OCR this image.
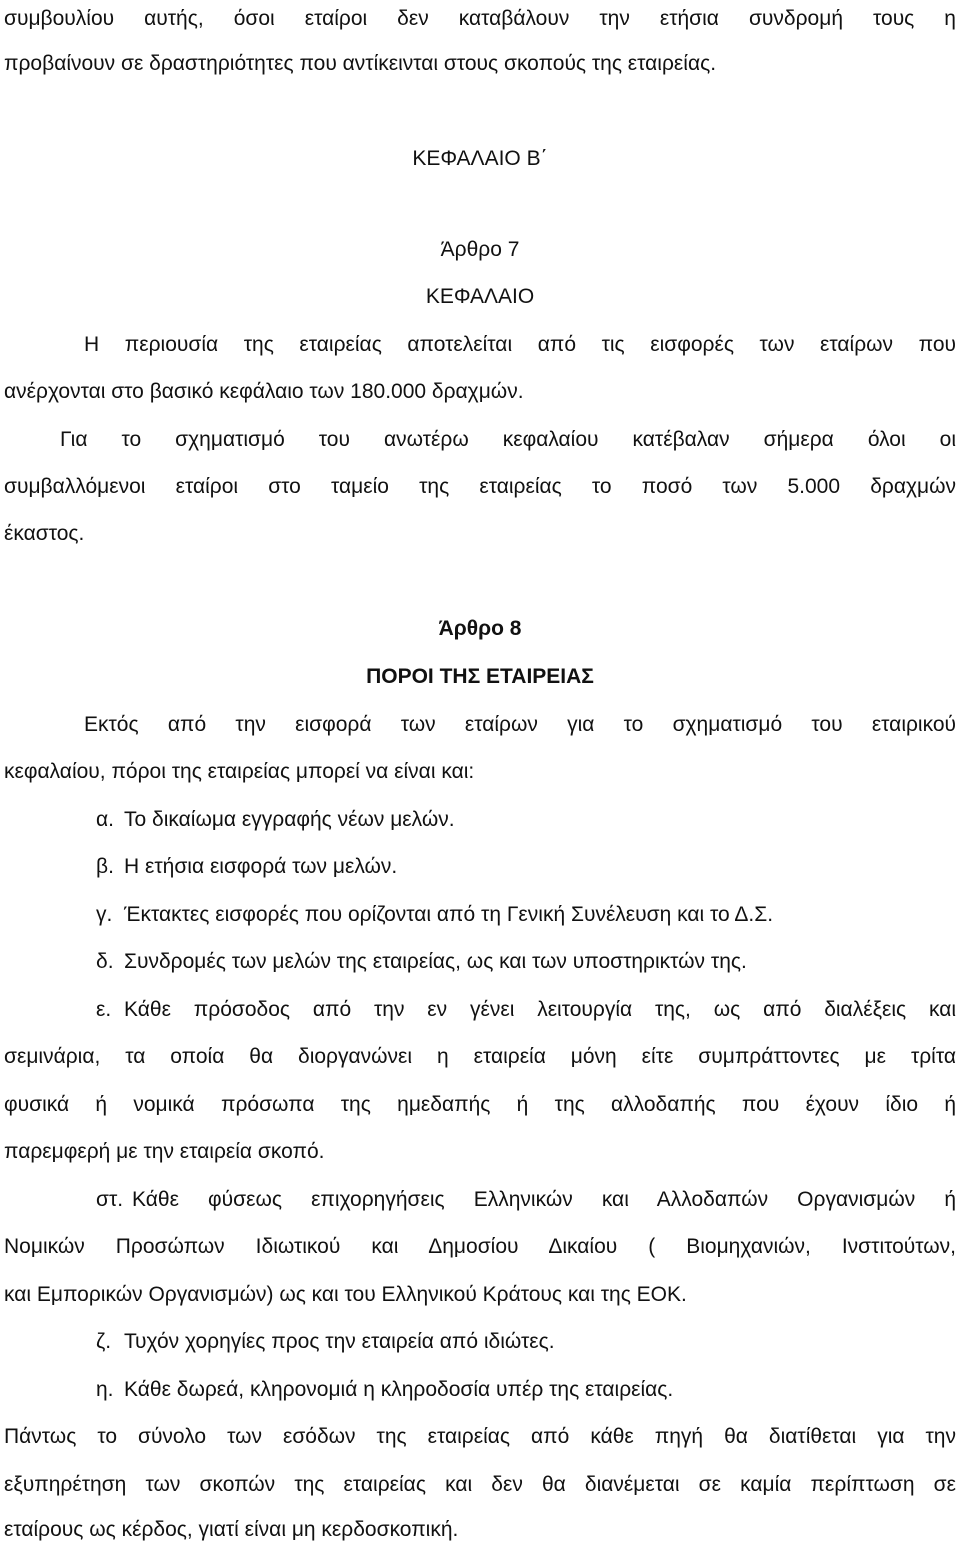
συμβουλίου αυτής, όσοι εταίροι δεν καταβάλουν την ετήσια συνδρομή τους η
προβαίνουν σε δραστηριότητες που αντίκεινται στους σκοπούς της εταιρείας.
ΚΕΦΑΛΑΙΟ Β΄
Άρθρο 7
ΚΕΦΑΛΑΙΟ
Η περιουσία της εταιρείας αποτελείται από τις εισφορές των εταίρων που
ανέρχονται στο βασικό κεφάλαιο των 180.000 δραχμών.
Για το σχηματισμό του ανωτέρω κεφαλαίου κατέβαλαν σήμερα όλοι οι
συμβαλλόμενοι εταίροι στο ταμείο της εταιρείας το ποσό των 5.000 δραχμών
έκαστος.
Άρθρο 8
ΠΟΡΟΙ ΤΗΣ ΕΤΑΙΡΕΙΑΣ
Εκτός από την εισφορά των εταίρων για το σχηματισμό του εταιρικού
κεφαλαίου, πόροι της εταιρείας μπορεί να είναι και:
α. Το δικαίωμα εγγραφής νέων μελών.
β. Η ετήσια εισφορά των μελών.
γ. Έκτακτες εισφορές που ορίζονται από τη Γενική Συνέλευση και το Δ.Σ.
δ. Συνδρομές των μελών της εταιρείας, ως και των υποστηρικτών της.
ε. Κάθε πρόσοδος από την εν γένει λειτουργία της, ως από διαλέξεις και
σεμινάρια, τα οποία θα διοργανώνει η εταιρεία μόνη είτε συμπράττοντες με τρίτα
φυσικά ή νομικά πρόσωπα της ημεδαπής ή της αλλοδαπής που έχουν ίδιο ή
παρεμφερή με την εταιρεία σκοπό.
στ. Κάθε φύσεως επιχορηγήσεις Ελληνικών και Αλλοδαπών Οργανισμών ή
Νομικών Προσώπων Ιδιωτικού και Δημοσίου Δικαίου ( Βιομηχανιών, Ινστιτούτων,
και Εμπορικών Οργανισμών) ως και του Ελληνικού Κράτους και της ΕΟΚ.
ζ. Τυχόν χορηγίες προς την εταιρεία από ιδιώτες.
η. Κάθε δωρεά, κληρονομιά η κληροδοσία υπέρ της εταιρείας.
Πάντως το σύνολο των εσόδων της εταιρείας από κάθε πηγή θα διατίθεται για την
εξυπηρέτηση των σκοπών της εταιρείας και δεν θα διανέμεται σε καμία περίπτωση σε
εταίρους ως κέρδος, γιατί είναι μη κερδοσκοπική.
